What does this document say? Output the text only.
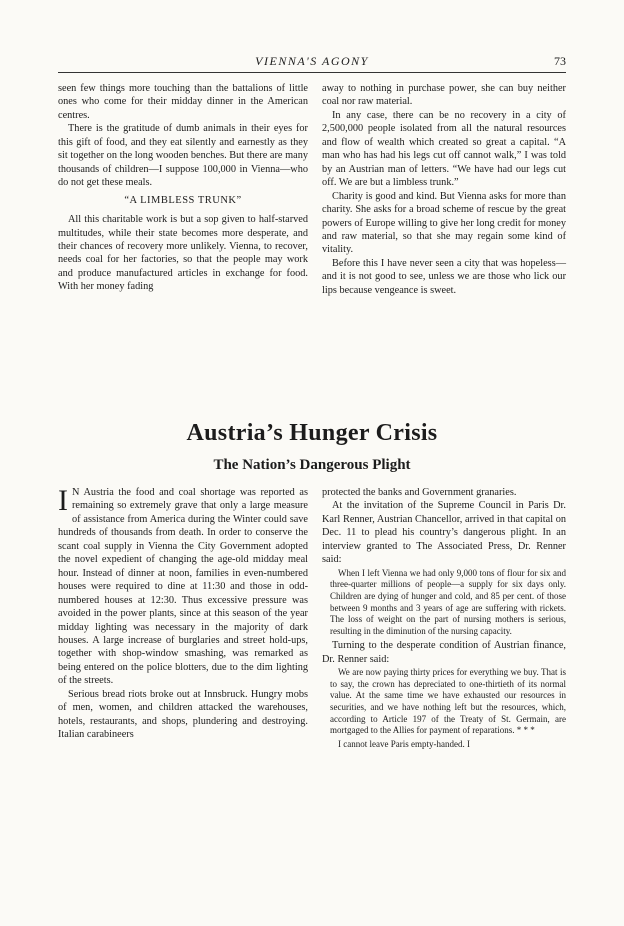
VIENNA'S AGONY	73

seen few things more touching than the battalions of little ones who come for their midday dinner in the American centres.

There is the gratitude of dumb animals in their eyes for this gift of food, and they eat silently and earnestly as they sit together on the long wooden benches. But there are many thousands of children—I suppose 100,000 in Vienna—who do not get these meals.

“A LIMBLESS TRUNK”

All this charitable work is but a sop given to half-starved multitudes, while their state becomes more desperate, and their chances of recovery more unlikely. Vienna, to recover, needs coal for her factories, so that the people may work and produce manufactured articles in exchange for food. With her money fading

away to nothing in purchase power, she can buy neither coal nor raw material.

In any case, there can be no recovery in a city of 2,500,000 people isolated from all the natural resources and flow of wealth which created so great a capital. “A man who has had his legs cut off cannot walk,” I was told by an Austrian man of letters. “We have had our legs cut off. We are but a limbless trunk.”

Charity is good and kind. But Vienna asks for more than charity. She asks for a broad scheme of rescue by the great powers of Europe willing to give her long credit for money and raw material, so that she may regain some kind of vitality.

Before this I have never seen a city that was hopeless—and it is not good to see, unless we are those who lick our lips because vengeance is sweet.

Austria’s Hunger Crisis
The Nation’s Dangerous Plight

I N Austria the food and coal shortage was reported as remaining so extremely grave that only a large measure of assistance from America during the Winter could save hundreds of thousands from death. In order to conserve the scant coal supply in Vienna the City Government adopted the novel expedient of changing the age-old midday meal hour. Instead of dinner at noon, families in even-numbered houses were required to dine at 11:30 and those in odd-numbered houses at 12:30. Thus excessive pressure was avoided in the power plants, since at this season of the year midday lighting was necessary in the majority of dark houses. A large increase of burglaries and street hold-ups, together with shop-window smashing, was remarked as being entered on the police blotters, due to the dim lighting of the streets.

Serious bread riots broke out at Innsbruck. Hungry mobs of men, women, and children attacked the warehouses, hotels, restaurants, and shops, plundering and destroying. Italian carabineers

protected the banks and Government granaries.

At the invitation of the Supreme Council in Paris Dr. Karl Renner, Austrian Chancellor, arrived in that capital on Dec. 11 to plead his country’s dangerous plight. In an interview granted to The Associated Press, Dr. Renner said:

When I left Vienna we had only 9,000 tons of flour for six and three-quarter millions of people—a supply for six days only. Children are dying of hunger and cold, and 85 per cent. of those between 9 months and 3 years of age are suffering with rickets. The loss of weight on the part of nursing mothers is serious, resulting in the diminution of the nursing capacity.

Turning to the desperate condition of Austrian finance, Dr. Renner said:

We are now paying thirty prices for everything we buy. That is to say, the crown has depreciated to one-thirtieth of its normal value. At the same time we have exhausted our resources in securities, and we have nothing left but the resources, which, according to Article 197 of the Treaty of St. Germain, are mortgaged to the Allies for payment of reparations. * * *

I cannot leave Paris empty-handed. I
